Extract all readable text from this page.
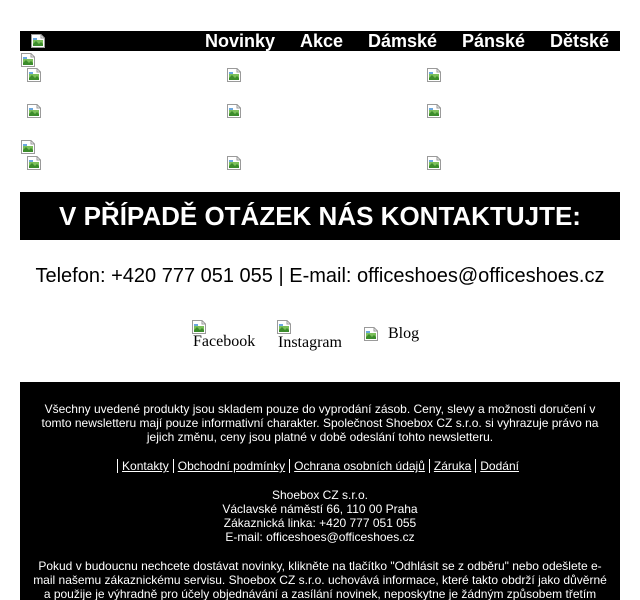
Novinky Akce Dámské Pánské Dětské
V PŘÍPADĚ OTÁZEK NÁS KONTAKTUJTE:
Telefon: +420 777 051 055 | E-mail: officeshoes@officeshoes.cz
Facebook Instagram
Blog
Všechny uvedené produkty jsou skladem pouze do vyprodání zásob. Ceny, slevy a možnosti doručení v tomto newsletteru mají pouze informativní charakter. Společnost Shoebox CZ s.r.o. si vyhrazuje právo na jejich změnu, ceny jsou platné v době odeslání tohto newsletteru.
Kontakty Obchodní podmínky Ochrana osobních údajů Záruka Dodání
Shoebox CZ s.r.o.
Václavské náměstí 66, 110 00 Praha
Zákaznická linka: +420 777 051 055
E-mail: officeshoes@officeshoes.cz
Pokud v budoucnu nechcete dostávat novinky, klikněte na tlačítko "Odhlásit se z odběru" nebo odešlete e-mail našemu zákaznickému servisu. Shoebox CZ s.r.o. uchovává informace, které takto obdrží jako důvěrné a použije je výhradně pro účely objednávání a zasílání novinek, neposkytne je žádným způsobem třetím
